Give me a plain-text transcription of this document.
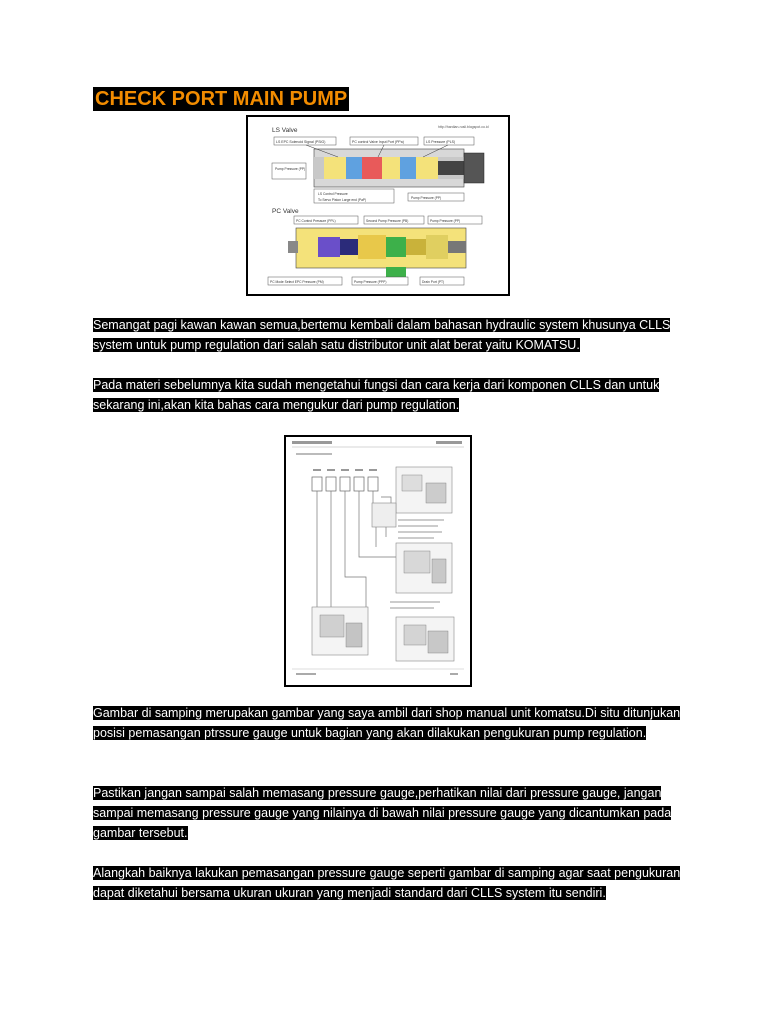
CHECK PORT MAIN PUMP
LS Valve	http://hardian-rusli.blogspot.co.id
LS EPC Solenoid Signal (PSIG)	PC control Valve Input Port (PPa)	LS Pressure (PLS)
Pump Pressure (PP)
LS Control Pressure
To Servo Piston Large end (PaP)	Pump Pressure (PP)
PC Valve
PC Control Pressure (PPL)	Second Pump Pressure (PB)	Pump Pressure (PP)
PC Mode Select EPC Pressure (PM)	Pump Pressure (PPP)	Drain Port (PT)
Semangat pagi kawan kawan semua,bertemu kembali dalam bahasan hydraulic system khusunya CLLS system untuk pump regulation dari salah satu distributor unit alat berat yaitu KOMATSU.
Pada materi sebelumnya kita sudah mengetahui fungsi dan cara kerja dari komponen CLLS dan untuk sekarang ini,akan kita bahas cara mengukur dari pump regulation.
Gambar di samping merupakan gambar yang saya ambil dari shop manual unit komatsu.Di situ ditunjukan posisi pemasangan ptrssure gauge untuk bagian yang akan dilakukan pengukuran pump regulation.
Pastikan jangan sampai salah memasang pressure gauge,perhatikan nilai dari pressure gauge, jangan sampai memasang pressure gauge yang nilainya di bawah nilai pressure gauge yang dicantumkan pada gambar tersebut.
Alangkah baiknya lakukan pemasangan pressure gauge seperti gambar di samping agar saat pengukuran dapat diketahui bersama ukuran ukuran yang menjadi standard dari CLLS system itu sendiri.
